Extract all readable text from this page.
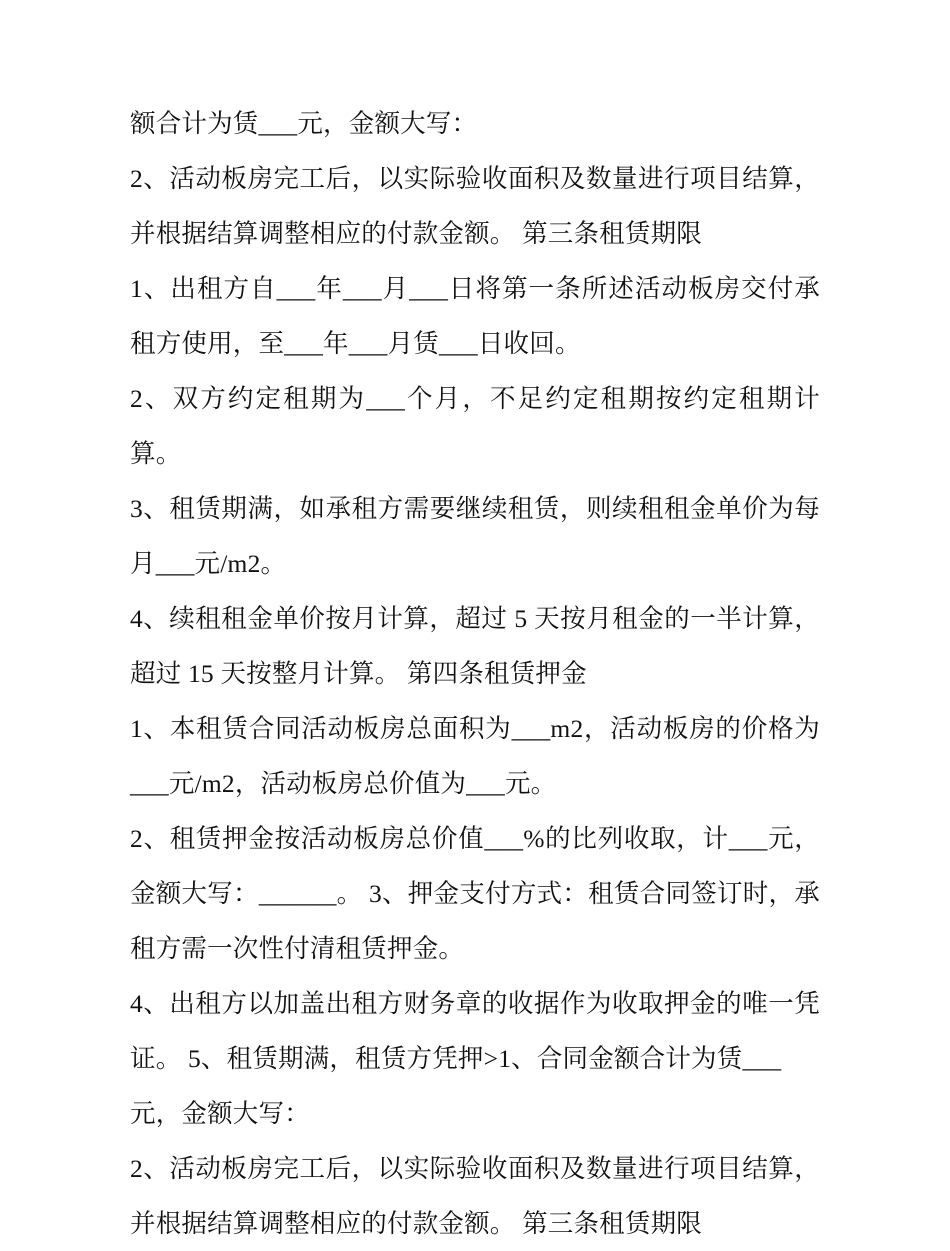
额合计为赁___元，金额大写：

2、活动板房完工后，以实际验收面积及数量进行项目结算，并根据结算调整相应的付款金额。 第三条租赁期限

1、出租方自___年___月___日将第一条所述活动板房交付承租方使用，至___年___月赁___日收回。

2、双方约定租期为___个月，不足约定租期按约定租期计算。

3、租赁期满，如承租方需要继续租赁，则续租租金单价为每月___元/m2。

4、续租租金单价按月计算，超过 5 天按月租金的一半计算，超过 15 天按整月计算。 第四条租赁押金

1、本租赁合同活动板房总面积为___m2，活动板房的价格为___元/m2，活动板房总价值为___元。

2、租赁押金按活动板房总价值___%的比列收取，计___元，金额大写：______。 3、押金支付方式：租赁合同签订时，承租方需一次性付清租赁押金。

4、出租方以加盖出租方财务章的收据作为收取押金的唯一凭证。 5、租赁期满，租赁方凭押>1、合同金额合计为赁___

元，金额大写：

2、活动板房完工后，以实际验收面积及数量进行项目结算，并根据结算调整相应的付款金额。 第三条租赁期限
